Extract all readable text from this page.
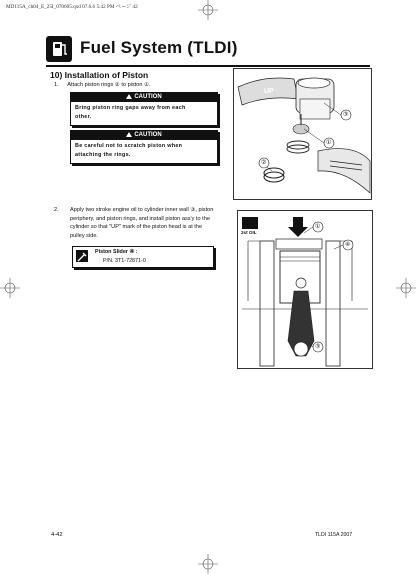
MD115A_ch04_E_25I_070605.qxd 07.6.6 5:42 PM ページ 42
Fuel System (TLDI)
10) Installation of Piston
1. Attach piston rings ② to piston ①.
CAUTION
Bring piston ring gaps away from each
other.
CAUTION
Be careful not to scratch piston when
attaching the rings.
UP
③
①
②
2. Apply two stroke engine oil to cylinder inner wall ③, piston
periphery, and piston rings, and install piston ass'y to the
cylinder so that "UP" mark of the piston head is at the
pulley side.
Piston Slider ④ :
P/N. 3T1-72871-0
2st OIL
①
④
③
4-42	TLDI 115A 2007
